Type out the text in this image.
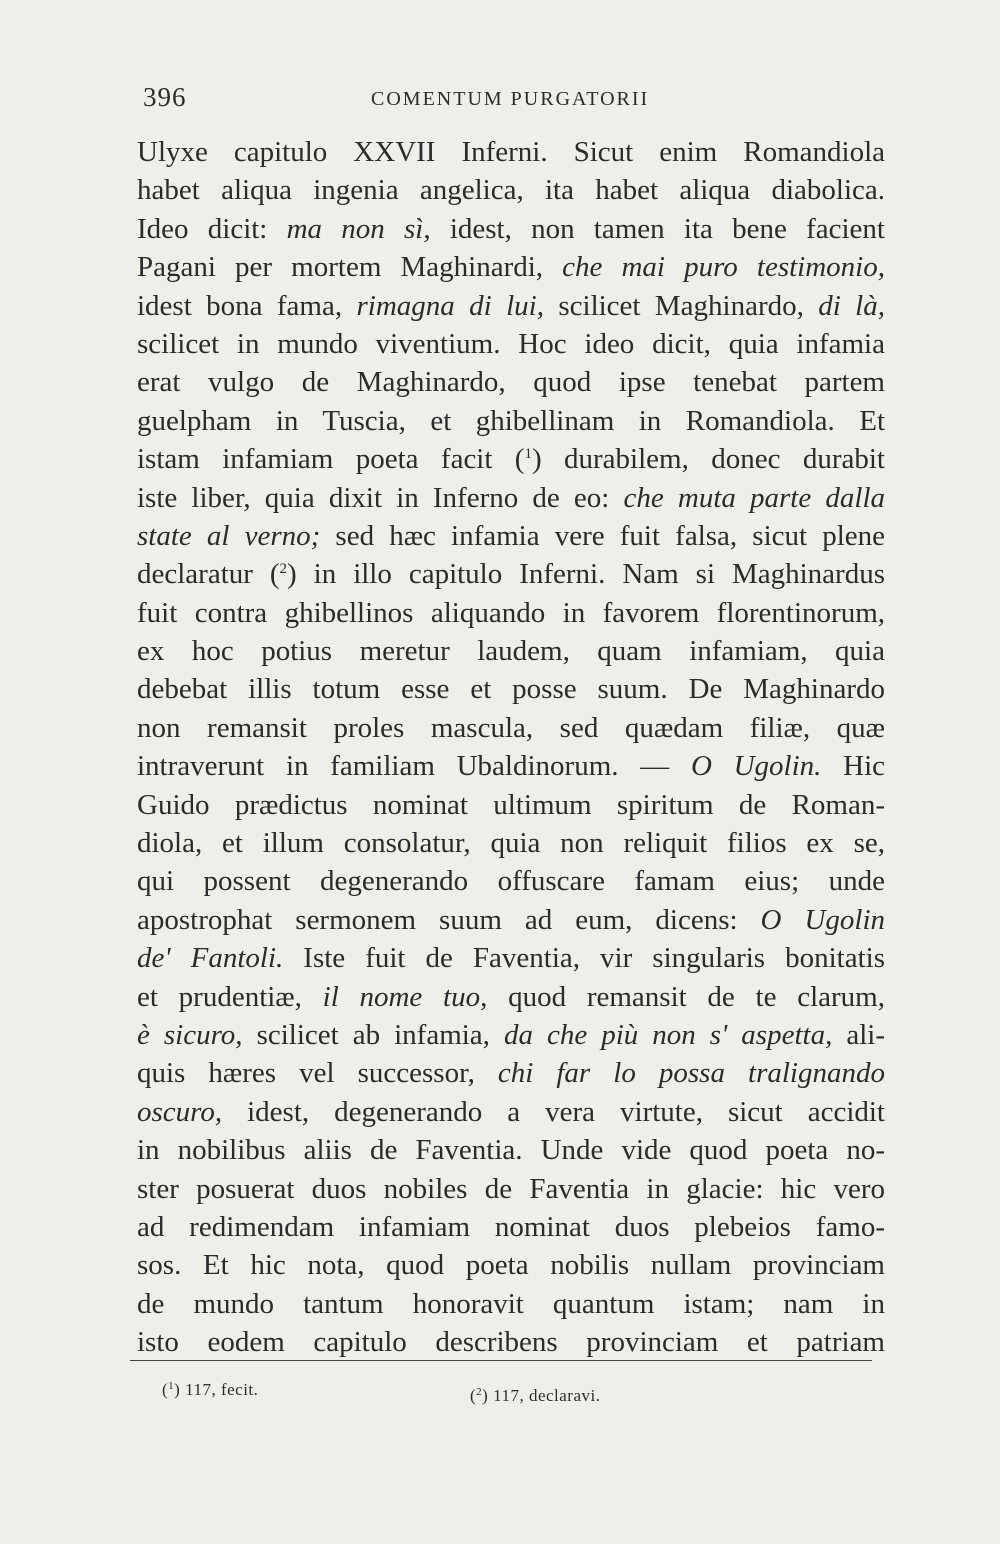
396	COMENTUM PURGATORII
Ulyxe capitulo XXVII Inferni. Sicut enim Romandiola
habet aliqua ingenia angelica, ita habet aliqua diabolica.
Ideo dicit: ma non sì, idest, non tamen ita bene facient
Pagani per mortem Maghinardi, che mai puro testimonio,
idest bona fama, rimagna di lui, scilicet Maghinardo, di là,
scilicet in mundo viventium. Hoc ideo dicit, quia infamia
erat vulgo de Maghinardo, quod ipse tenebat partem
guelpham in Tuscia, et ghibellinam in Romandiola. Et
istam infamiam poeta facit ($^1$) durabilem, donec durabit
iste liber, quia dixit in Inferno de eo: che muta parte dalla
state al verno; sed hæc infamia vere fuit falsa, sicut plene
declaratur ($^2$) in illo capitulo Inferni. Nam si Maghinardus
fuit contra ghibellinos aliquando in favorem florentinorum,
ex hoc potius meretur laudem, quam infamiam, quia
debebat illis totum esse et posse suum. De Maghinardo
non remansit proles mascula, sed quædam filiæ, quæ
intraverunt in familiam Ubaldinorum. — O Ugolin. Hic
Guido prædictus nominat ultimum spiritum de Roman-
diola, et illum consolatur, quia non reliquit filios ex se,
qui possent degenerando offuscare famam eius; unde
apostrophat sermonem suum ad eum, dicens: O Ugolin
de' Fantoli. Iste fuit de Faventia, vir singularis bonitatis
et prudentiæ, il nome tuo, quod remansit de te clarum,
è sicuro, scilicet ab infamia, da che più non s' aspetta, ali-
quis hæres vel successor, chi far lo possa tralignando
oscuro, idest, degenerando a vera virtute, sicut accidit
in nobilibus aliis de Faventia. Unde vide quod poeta no-
ster posuerat duos nobiles de Faventia in glacie: hic vero
ad redimendam infamiam nominat duos plebeios famo-
sos. Et hic nota, quod poeta nobilis nullam provinciam
de mundo tantum honoravit quantum istam; nam in
isto eodem capitulo describens provinciam et patriam
($^1$) 117, fecit.	($^2$) 117, declaravi.
